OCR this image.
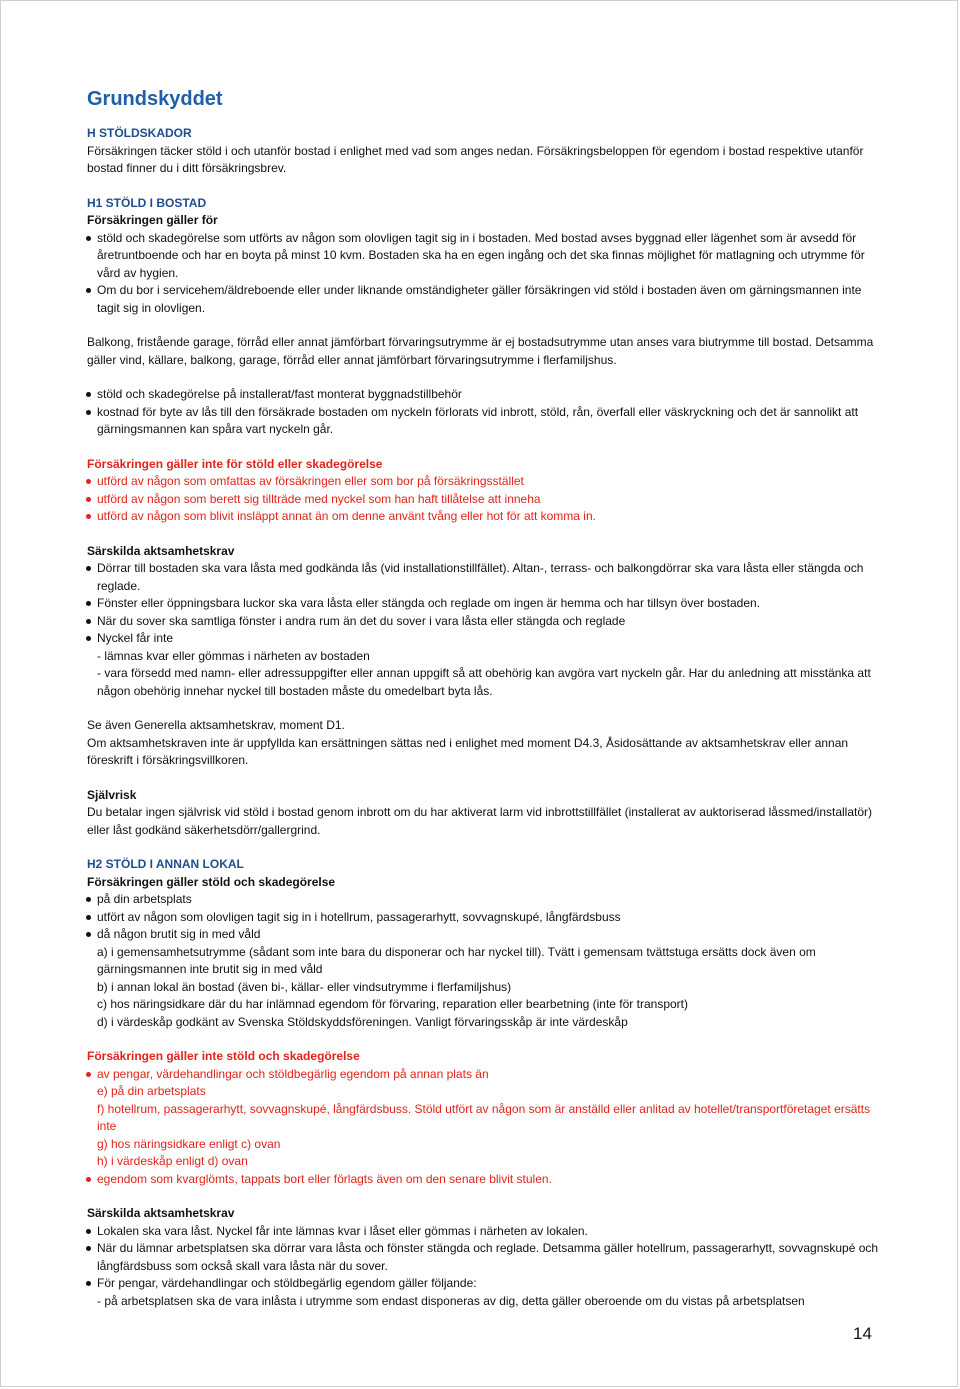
Grundskyddet

H STÖLDSKADOR

Försäkringen täcker stöld i och utanför bostad i enlighet med vad som anges nedan. Försäkringsbeloppen för egendom i bostad respektive utanför bostad finner du i ditt försäkringsbrev.

H1 STÖLD I BOSTAD

Försäkringen gäller för

stöld och skadegörelse som utförts av någon som olovligen tagit sig in i bostaden. Med bostad avses byggnad eller lägenhet som är avsedd för åretruntboende och har en boyta på minst 10 kvm. Bostaden ska ha en egen ingång och det ska finnas möjlighet för matlagning och utrymme för vård av hygien.
Om du bor i servicehem/äldreboende eller under liknande omständigheter gäller försäkringen vid stöld i bostaden även om gärningsmannen inte tagit sig in olovligen.

Balkong, fristående garage, förråd eller annat jämförbart förvaringsutrymme är ej bostadsutrymme utan anses vara biutrymme till bostad. Detsamma gäller vind, källare, balkong, garage, förråd eller annat jämförbart förvaringsutrymme i flerfamiljshus.

stöld och skadegörelse på installerat/fast monterat byggnadstillbehör
kostnad för byte av lås till den försäkrade bostaden om nyckeln förlorats vid inbrott, stöld, rån, överfall eller väskryckning och det är sannolikt att gärningsmannen kan spåra vart nyckeln går.

Försäkringen gäller inte för stöld eller skadegörelse

utförd av någon som omfattas av försäkringen eller som bor på försäkringsstället
utförd av någon som berett sig tillträde med nyckel som han haft tillåtelse att inneha
utförd av någon som blivit insläppt annat än om denne använt tvång eller hot för att komma in.

Särskilda aktsamhetskrav

Dörrar till bostaden ska vara låsta med godkända lås (vid installationstillfället). Altan-, terrass- och balkongdörrar ska vara låsta eller stängda och reglade.
Fönster eller öppningsbara luckor ska vara låsta eller stängda och reglade om ingen är hemma och har tillsyn över bostaden.
När du sover ska samtliga fönster i andra rum än det du sover i vara låsta eller stängda och reglade
Nyckel får inte

- lämnas kvar eller gömmas i närheten av bostaden

- vara försedd med namn- eller adressuppgifter eller annan uppgift så att obehörig kan avgöra vart nyckeln går. Har du anledning att misstänka att någon obehörig innehar nyckel till bostaden måste du omedelbart byta lås.

Se även Generella aktsamhetskrav, moment D1.

Om aktsamhetskraven inte är uppfyllda kan ersättningen sättas ned i enlighet med moment D4.3, Åsidosättande av aktsamhetskrav eller annan föreskrift i försäkringsvillkoren.

Självrisk

Du betalar ingen självrisk vid stöld i bostad genom inbrott om du har aktiverat larm vid inbrottstillfället (installerat av auktoriserad låssmed/installatör) eller låst godkänd säkerhetsdörr/gallergrind.

H2 STÖLD I ANNAN LOKAL

Försäkringen gäller stöld och skadegörelse

på din arbetsplats
utfört av någon som olovligen tagit sig in i hotellrum, passagerarhytt, sovvagnskupé, långfärdsbuss
då någon brutit sig in med våld

a) i gemensamhetsutrymme (sådant som inte bara du disponerar och har nyckel till). Tvätt i gemensam tvättstuga ersätts dock även om gärningsmannen inte brutit sig in med våld

b) i annan lokal än bostad (även bi-, källar- eller vindsutrymme i flerfamiljshus)

c) hos näringsidkare där du har inlämnad egendom för förvaring, reparation eller bearbetning (inte för transport)

d) i värdeskåp godkänt av Svenska Stöldskyddsföreningen. Vanligt förvaringsskåp är inte värdeskåp

Försäkringen gäller inte stöld och skadegörelse

av pengar, värdehandlingar och stöldbegärlig egendom på annan plats än

e) på din arbetsplats

f) hotellrum, passagerarhytt, sovvagnskupé, långfärdsbuss. Stöld utfört av någon som är anställd eller anlitad av hotellet/transportföretaget ersätts inte

g) hos näringsidkare enligt c) ovan

h) i värdeskåp enligt d) ovan

egendom som kvarglömts, tappats bort eller förlagts även om den senare blivit stulen.

Särskilda aktsamhetskrav

Lokalen ska vara låst. Nyckel får inte lämnas kvar i låset eller gömmas i närheten av lokalen.
När du lämnar arbetsplatsen ska dörrar vara låsta och fönster stängda och reglade. Detsamma gäller hotellrum, passagerarhytt, sovvagnskupé och långfärdsbuss som också skall vara låsta när du sover.
För pengar, värdehandlingar och stöldbegärlig egendom gäller följande:

- på arbetsplatsen ska de vara inlåsta i utrymme som endast disponeras av dig, detta gäller oberoende om du vistas på arbetsplatsen

14
